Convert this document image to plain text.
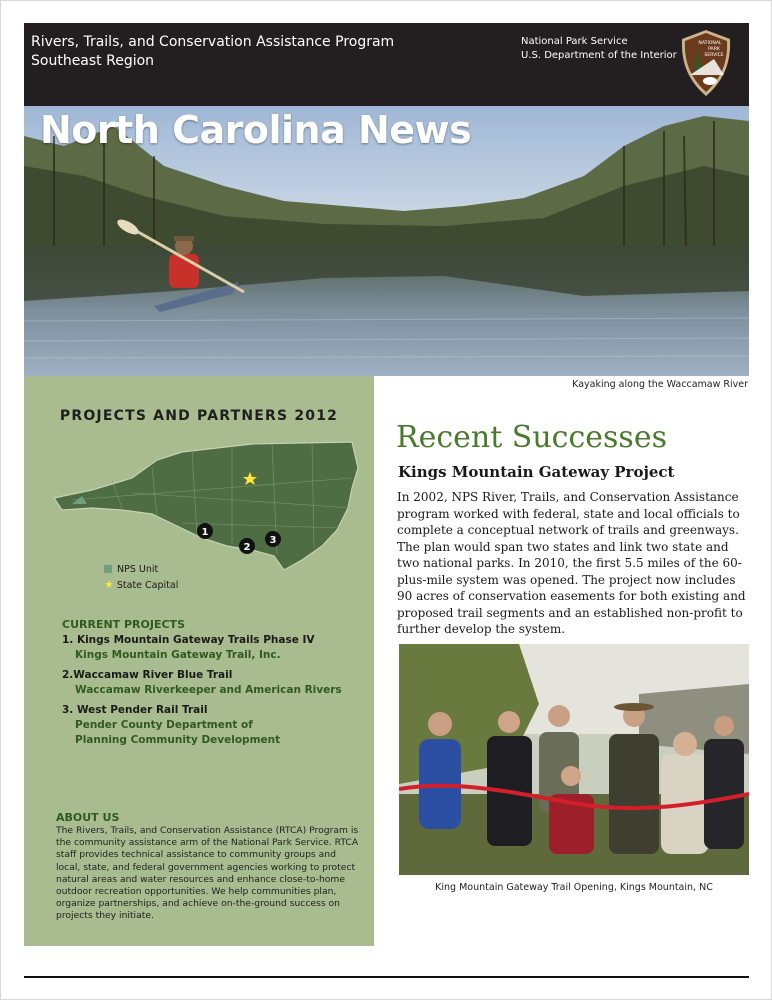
Rivers, Trails, and Conservation Assistance Program
Southeast Region
National Park Service
U.S. Department of the Interior
NATIONAL
PARK
SERVICE
North Carolina News
Kayaking along the Waccamaw River
PROJECTS AND PARTNERS 2012
1
2
3
NPS Unit
★ State Capital
CURRENT PROJECTS
1. Kings Mountain Gateway Trails Phase IV
Kings Mountain Gateway Trail, Inc.
2.Waccamaw River Blue Trail
Waccamaw Riverkeeper and American Rivers
3. West Pender Rail Trail
Pender County Department of Planning Community Development
ABOUT US
The Rivers, Trails, and Conservation Assistance (RTCA) Program is the community assistance arm of the National Park Service. RTCA staff provides technical assistance to community groups and local, state, and federal government agencies working to protect natural areas and water resources and enhance close-to-home outdoor recreation opportunities. We help communities plan, organize partnerships, and achieve on-the-ground success on projects they initiate.
Recent Successes
Kings Mountain Gateway Project
In 2002, NPS River, Trails, and Conservation Assistance program worked with federal, state and local officials to complete a conceptual network of trails and greenways. The plan would span two states and link two state and two national parks. In 2010, the first 5.5 miles of the 60-plus-mile system was opened. The project now includes 90 acres of conservation easements for both existing and proposed trail segments and an established non-profit to further develop the system.
King Mountain Gateway Trail Opening, Kings Mountain, NC
